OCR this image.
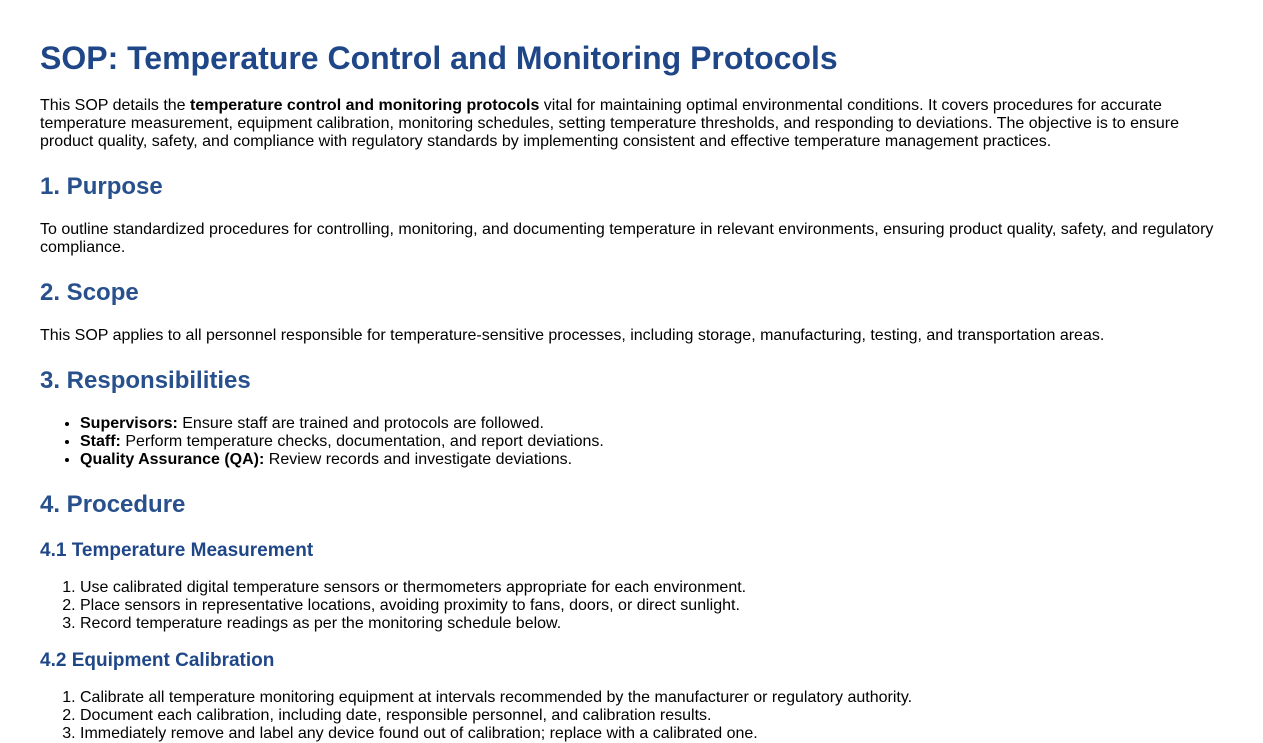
SOP: Temperature Control and Monitoring Protocols

This SOP details the temperature control and monitoring protocols vital for maintaining optimal environmental conditions. It covers procedures for accurate temperature measurement, equipment calibration, monitoring schedules, setting temperature thresholds, and responding to deviations. The objective is to ensure product quality, safety, and compliance with regulatory standards by implementing consistent and effective temperature management practices.

1. Purpose

To outline standardized procedures for controlling, monitoring, and documenting temperature in relevant environments, ensuring product quality, safety, and regulatory compliance.

2. Scope

This SOP applies to all personnel responsible for temperature-sensitive processes, including storage, manufacturing, testing, and transportation areas.

3. Responsibilities
• Supervisors: Ensure staff are trained and protocols are followed.
• Staff: Perform temperature checks, documentation, and report deviations.
• Quality Assurance (QA): Review records and investigate deviations.
4. Procedure
4.1 Temperature Measurement
1. Use calibrated digital temperature sensors or thermometers appropriate for each environment.
2. Place sensors in representative locations, avoiding proximity to fans, doors, or direct sunlight.
3. Record temperature readings as per the monitoring schedule below.
4.2 Equipment Calibration
1. Calibrate all temperature monitoring equipment at intervals recommended by the manufacturer or regulatory authority.
2. Document each calibration, including date, responsible personnel, and calibration results.
3. Immediately remove and label any device found out of calibration; replace with a calibrated one.
